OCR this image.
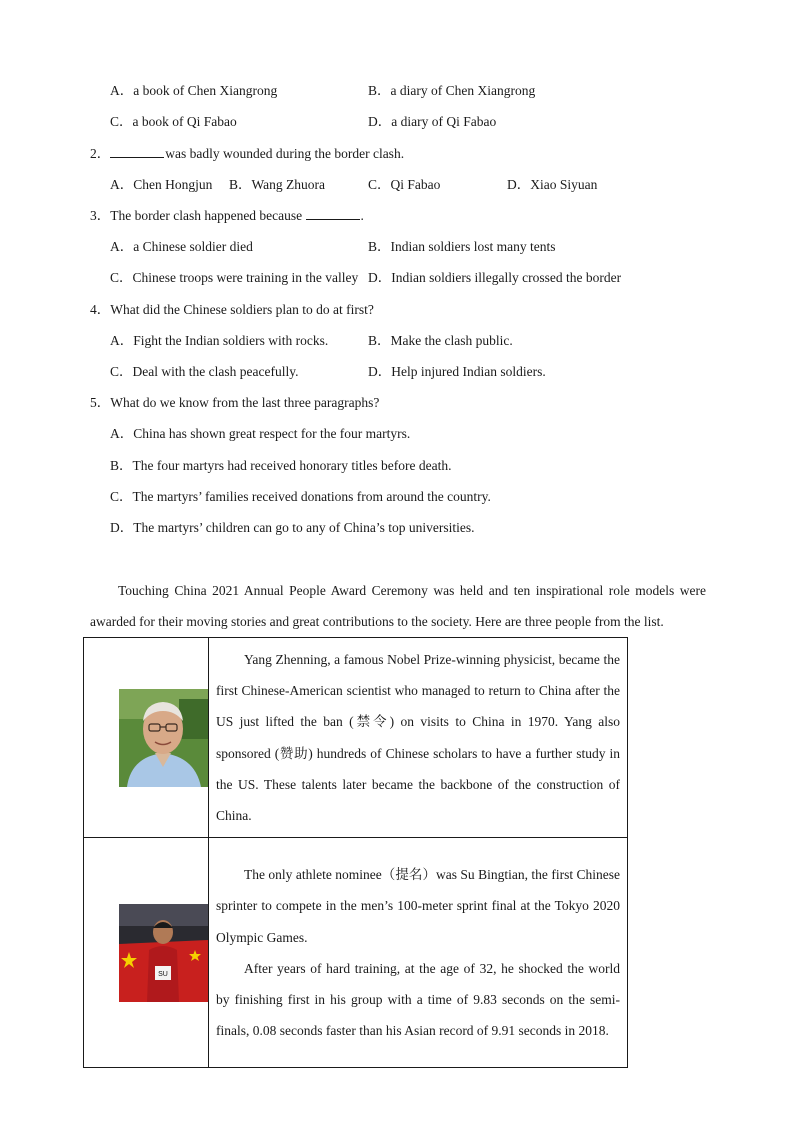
A．a book of Chen Xiangrong	B．a diary of Chen Xiangrong
C．a book of Qi Fabao	D．a diary of Qi Fabao
2．	was badly wounded during the border clash.
A．Chen Hongjun B．Wang Zhuora	C．Qi Fabao	D．Xiao Siyuan
3．The border clash happened because	.
A．a Chinese soldier died	B．Indian soldiers lost many tents
C．Chinese troops were training in the valley D．Indian soldiers illegally crossed the border
4．What did the Chinese soldiers plan to do at first?
A．Fight the Indian soldiers with rocks.	B．Make the clash public.
C．Deal with the clash peacefully.	D．Help injured Indian soldiers.
5．What do we know from the last three paragraphs?
A．China has shown great respect for the four martyrs.
B．The four martyrs had received honorary titles before death.
C．The martyrs’ families received donations from around the country.
D．The martyrs’ children can go to any of China’s top universities.
Touching China 2021 Annual People Award Ceremony was held and ten inspirational role models were awarded for their moving stories and great contributions to the society. Here are three people from the list.

Yang Zhenning, a famous Nobel Prize-winning physicist, became the first Chinese-American scientist who managed to return to China after the US just lifted the ban (禁令) on visits to China in 1970. Yang also sponsored (赞助) hundreds of Chinese scholars to have a further study in the US. These talents later became the backbone of the construction of China.

SU	The only athlete nominee（提名）was Su Bingtian, the first Chinese sprinter to compete in the men’s 100-meter sprint final at the Tokyo 2020 Olympic Games.

After years of hard training, at the age of 32, he shocked the world by finishing first in his group with a time of 9.83 seconds on the semi-finals, 0.08 seconds faster than his Asian record of 9.91 seconds in 2018.
